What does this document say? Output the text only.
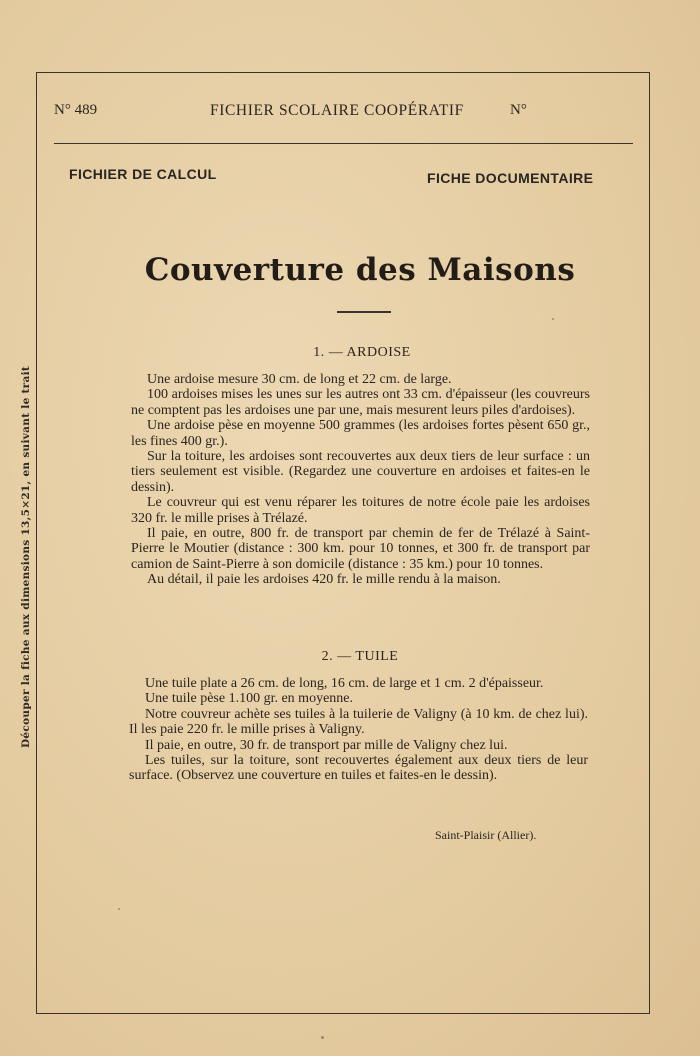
Découper la fiche aux dimensions 13,5×21, en suivant le trait
N° 489	FICHIER SCOLAIRE COOPÉRATIF	N°
FICHIER DE CALCUL	FICHE DOCUMENTAIRE
Couverture des Maisons
1. — ARDOISE

Une ardoise mesure 30 cm. de long et 22 cm. de large.

100 ardoises mises les unes sur les autres ont 33 cm. d'épaisseur (les couvreurs ne comptent pas les ardoises une par une, mais mesurent leurs piles d'ardoises).

Une ardoise pèse en moyenne 500 grammes (les ardoises fortes pèsent 650 gr., les fines 400 gr.).

Sur la toiture, les ardoises sont recouvertes aux deux tiers de leur surface : un tiers seulement est visible. (Regardez une couverture en ardoises et faites-en le dessin).

Le couvreur qui est venu réparer les toitures de notre école paie les ardoises 320 fr. le mille prises à Trélazé.

Il paie, en outre, 800 fr. de transport par chemin de fer de Trélazé à Saint-Pierre le Moutier (distance : 300 km. pour 10 tonnes, et 300 fr. de transport par camion de Saint-Pierre à son domicile (distance : 35 km.) pour 10 tonnes.

Au détail, il paie les ardoises 420 fr. le mille rendu à la maison.

2. — TUILE

Une tuile plate a 26 cm. de long, 16 cm. de large et 1 cm. 2 d'épaisseur.

Une tuile pèse 1.100 gr. en moyenne.

Notre couvreur achète ses tuiles à la tuilerie de Valigny (à 10 km. de chez lui). Il les paie 220 fr. le mille prises à Valigny.

Il paie, en outre, 30 fr. de transport par mille de Valigny chez lui.

Les tuiles, sur la toiture, sont recouvertes également aux deux tiers de leur surface. (Observez une couverture en tuiles et faites-en le dessin).

Saint-Plaisir (Allier).
